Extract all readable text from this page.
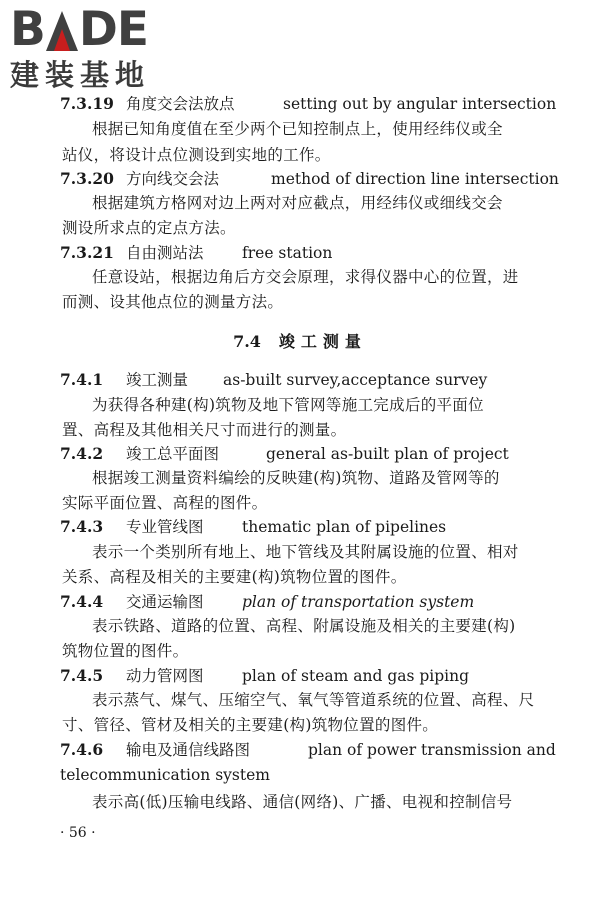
B DE
建装基地
7.3.19 角度交会法放点	setting out by angular intersection
根据已知角度值在至少两个已知控制点上，使用经纬仪或全
站仪，将设计点位测设到实地的工作。
7.3.20 方向线交会法	method of direction line intersection
根据建筑方格网对边上两对对应截点，用经纬仪或细线交会
测设所求点的定点方法。
7.3.21 自由测站法 free station
任意设站，根据边角后方交会原理，求得仪器中心的位置，进
而测、设其他点位的测量方法。
7.4 竣工测量
7.4.1 竣工测量 as-built survey,acceptance survey
为获得各种建(构)筑物及地下管网等施工完成后的平面位
置、高程及其他相关尺寸而进行的测量。
7.4.2 竣工总平面图	general as-built plan of project
根据竣工测量资料编绘的反映建(构)筑物、道路及管网等的
实际平面位置、高程的图件。
7.4.3 专业管线图 thematic plan of pipelines
表示一个类别所有地上、地下管线及其附属设施的位置、相对
关系、高程及相关的主要建(构)筑物位置的图件。
7.4.4 交通运输图 plan of transportation system
表示铁路、道路的位置、高程、附属设施及相关的主要建(构)
筑物位置的图件。
7.4.5 动力管网图 plan of steam and gas piping
表示蒸气、煤气、压缩空气、氧气等管道系统的位置、高程、尺
寸、管径、管材及相关的主要建(构)筑物位置的图件。
7.4.6 输电及通信线路图	plan of power transmission and
telecommunication system
表示高(低)压输电线路、通信(网络)、广播、电视和控制信号
· 56 ·
